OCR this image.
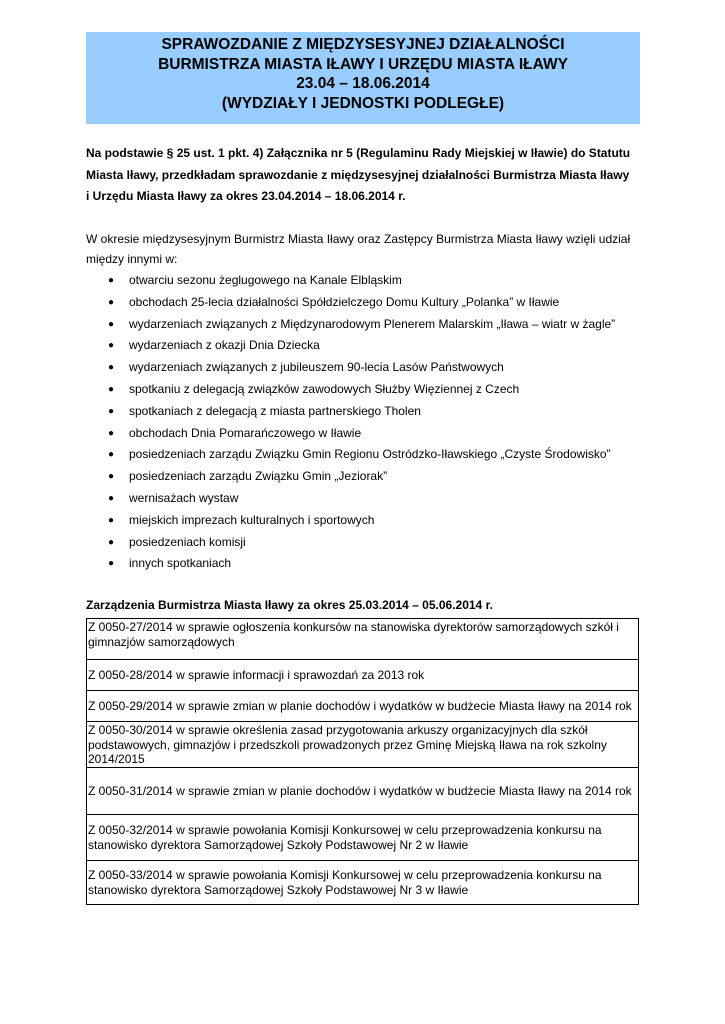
SPRAWOZDANIE Z MIĘDZYSESYJNEJ DZIAŁALNOŚCI
BURMISTRZA MIASTA IŁAWY I URZĘDU MIASTA IŁAWY
23.04 – 18.06.2014
(WYDZIAŁY I JEDNOSTKI PODLEGŁE)
Na podstawie § 25 ust. 1 pkt. 4) Załącznika nr 5 (Regulaminu Rady Miejskiej w Iławie) do Statutu
Miasta Iławy, przedkładam sprawozdanie z międzysesyjnej działalności Burmistrza Miasta Iławy
i Urzędu Miasta Iławy za okres 23.04.2014 – 18.06.2014 r.
W okresie międzysesyjnym Burmistrz Miasta Iławy oraz Zastępcy Burmistrza Miasta Iławy wzięli udział
między innymi w:
● otwarciu sezonu żeglugowego na Kanale Elbląskim
● obchodach 25-lecia działalności Spółdzielczego Domu Kultury „Polanka” w Iławie
● wydarzeniach związanych z Międzynarodowym Plenerem Malarskim „Iława – wiatr w żagle”
● wydarzeniach z okazji Dnia Dziecka
● wydarzeniach związanych z jubileuszem 90-lecia Lasów Państwowych
● spotkaniu z delegacją związków zawodowych Służby Więziennej z Czech
● spotkaniach z delegacją z miasta partnerskiego Tholen
● obchodach Dnia Pomarańczowego w Iławie
● posiedzeniach zarządu Związku Gmin Regionu Ostródzko-Iławskiego „Czyste Środowisko”
● posiedzeniach zarządu Związku Gmin „Jeziorak”
● wernisażach wystaw
● miejskich imprezach kulturalnych i sportowych
● posiedzeniach komisji
● innych spotkaniach
Zarządzenia Burmistrza Miasta Iławy za okres 25.03.2014 – 05.06.2014 r.
Z 0050-27/2014 w sprawie ogłoszenia konkursów na stanowiska dyrektorów samorządowych szkół i
gimnazjów samorządowych

Z 0050-28/2014 w sprawie informacji i sprawozdań za 2013 rok

Z 0050-29/2014 w sprawie zmian w planie dochodów i wydatków w budżecie Miasta Iławy na 2014 rok

Z 0050-30/2014 w sprawie określenia zasad przygotowania arkuszy organizacyjnych dla szkół
podstawowych, gimnazjów i przedszkoli prowadzonych przez Gminę Miejską Iława na rok szkolny
2014/2015

Z 0050-31/2014 w sprawie zmian w planie dochodów i wydatków w budżecie Miasta Iławy na 2014 rok

Z 0050-32/2014 w sprawie powołania Komisji Konkursowej w celu przeprowadzenia konkursu na
stanowisko dyrektora Samorządowej Szkoły Podstawowej Nr 2 w Iławie

Z 0050-33/2014 w sprawie powołania Komisji Konkursowej w celu przeprowadzenia konkursu na
stanowisko dyrektora Samorządowej Szkoły Podstawowej Nr 3 w Iławie
